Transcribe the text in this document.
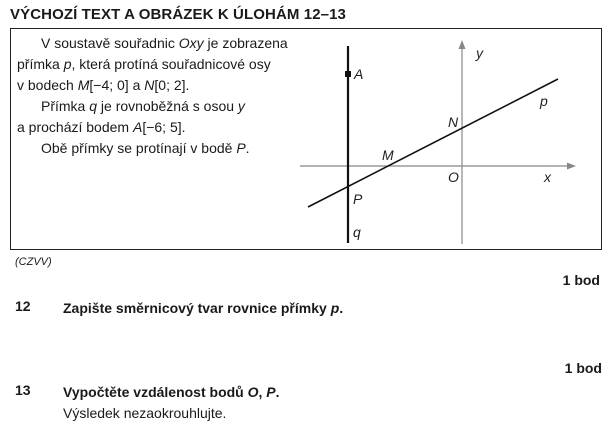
VÝCHOZÍ TEXT A OBRÁZEK K ÚLOHÁM 12–13

V soustavě souřadnic Oxy je zobrazena

přímka p, která protíná souřadnicové osy

v bodech M[−4; 0] a N[0; 2].

Přímka q je rovnoběžná s osou y

a prochází bodem A[−6; 5].

Obě přímky se protínají v bodě P.

y
x
A
N
M
O
P
p
q
(CZVV)
1 bod
12 Zapište směrnicový tvar rovnice přímky p.
1 bod
13 Vypočtěte vzdálenost bodů O, P.
Výsledek nezaokrouhlujte.
